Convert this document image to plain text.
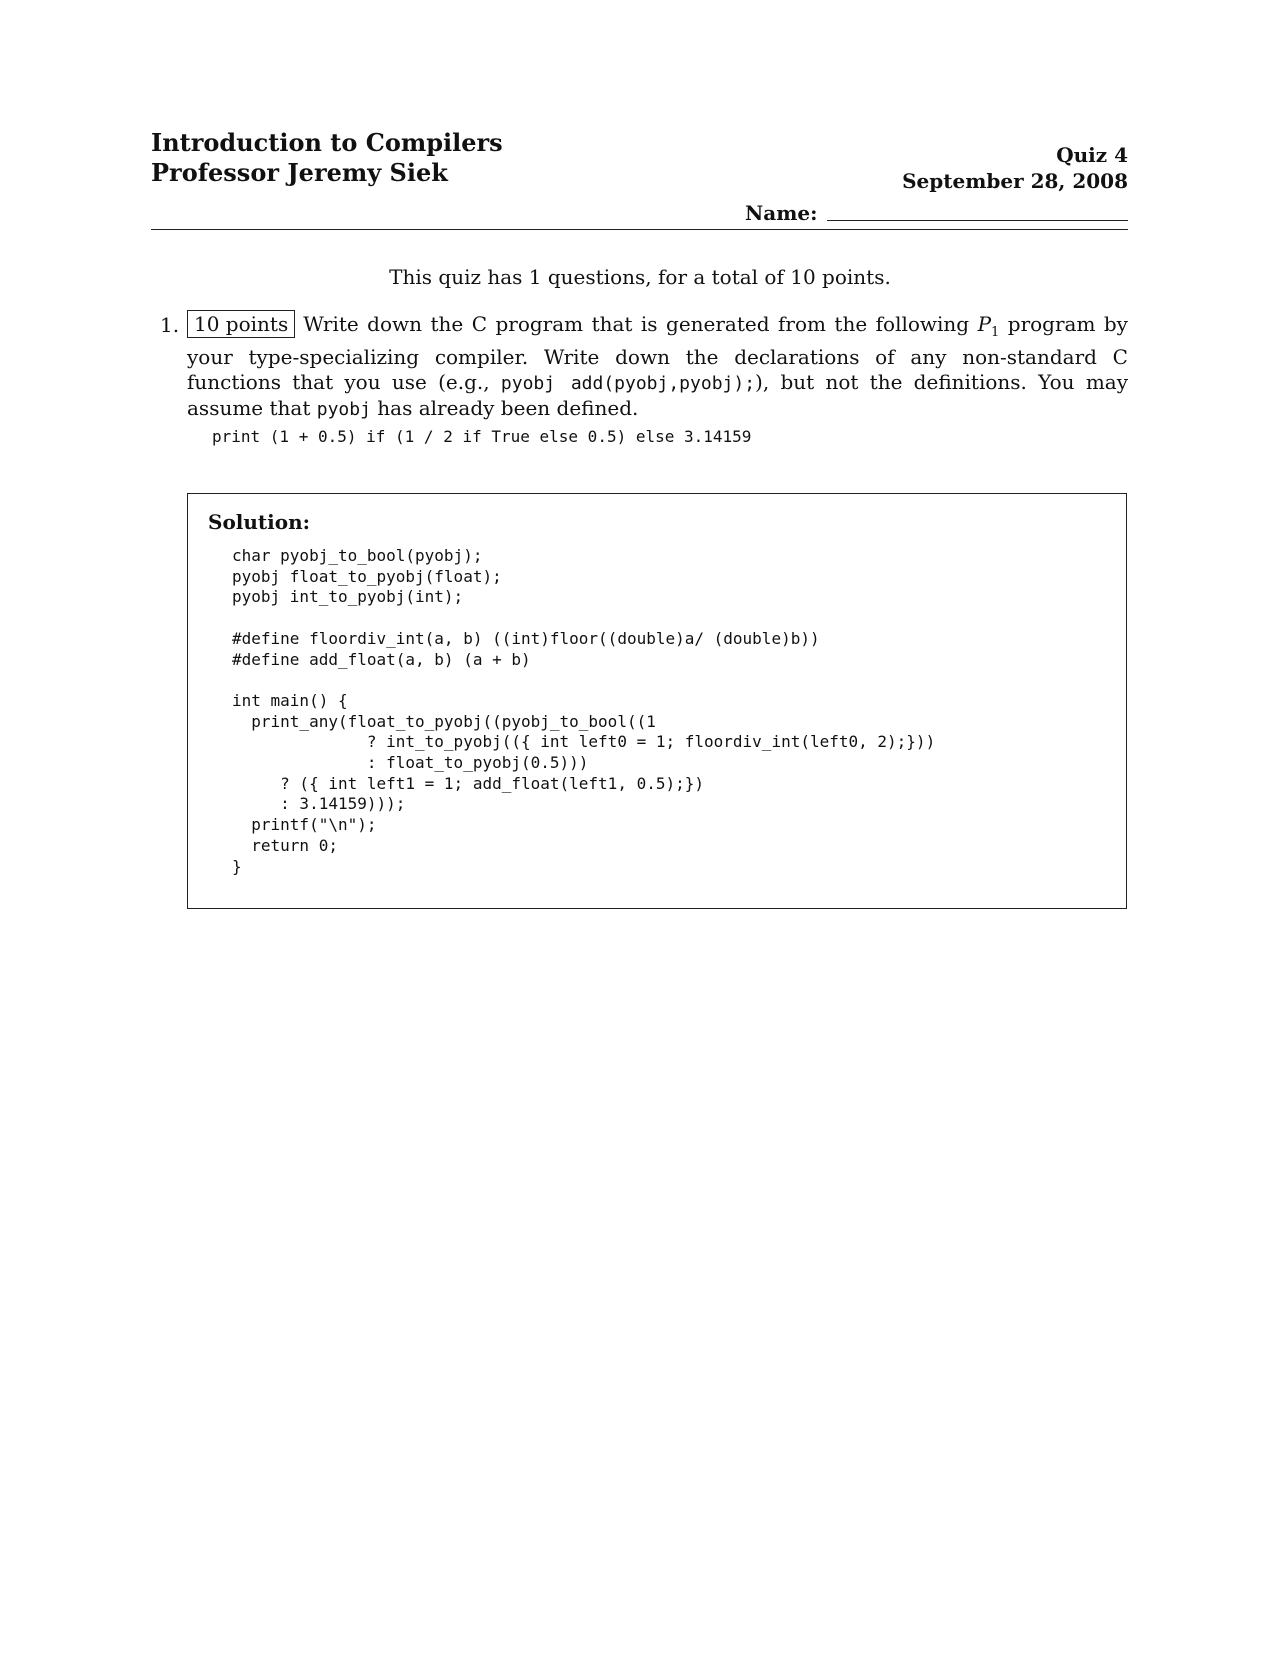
Introduction to Compilers
Professor Jeremy Siek
Quiz 4
September 28, 2008
Name:
This quiz has 1 questions, for a total of 10 points.
1. 10 points Write down the C program that is generated from the following $P_1$ program by your type-specializing compiler. Write down the declarations of any non-standard C functions that you use (e.g., pyobj add(pyobj,pyobj);), but not the definitions. You may assume that pyobj has already been defined.
print (1 + 0.5) if (1 / 2 if True else 0.5) else 3.14159
Solution:
char pyobj_to_bool(pyobj);
pyobj float_to_pyobj(float);
pyobj int_to_pyobj(int);

#define floordiv_int(a, b) ((int)floor((double)a/ (double)b))
#define add_float(a, b) (a + b)

int main() {
print_any(float_to_pyobj((pyobj_to_bool((1
? int_to_pyobj(({ int left0 = 1; floordiv_int(left0, 2);}))
: float_to_pyobj(0.5)))
? ({ int left1 = 1; add_float(left1, 0.5);})
: 3.14159)));
printf("\n");
return 0;
}
